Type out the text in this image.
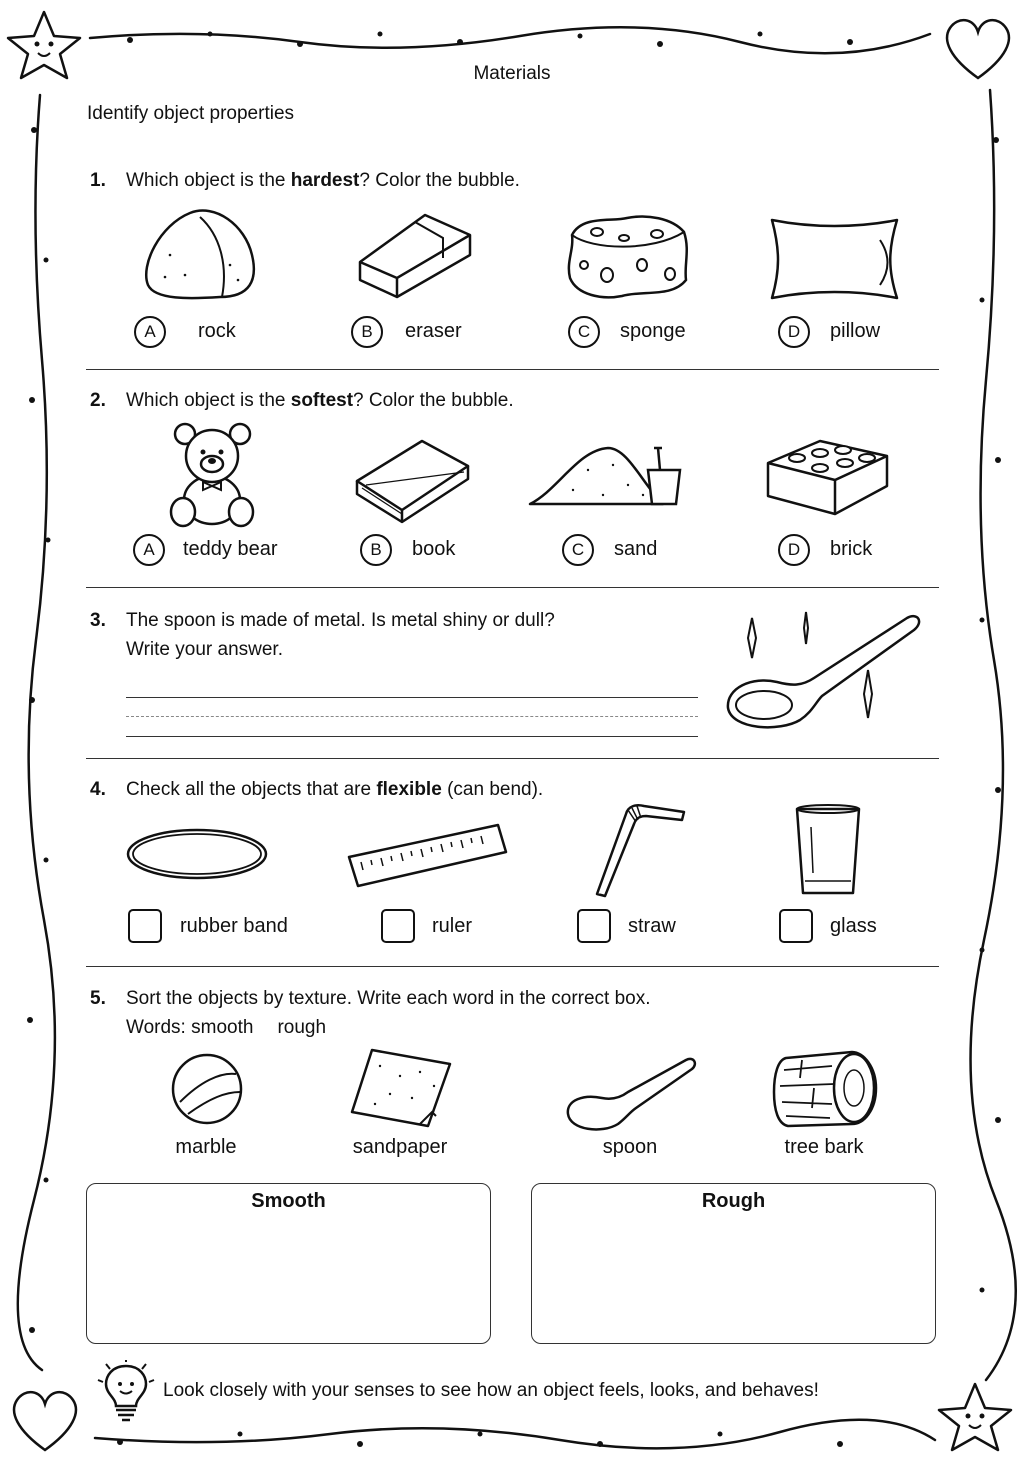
Materials
Identify object properties
1. Which object is the hardest? Color the bubble.
A	rock	B	eraser	C	sponge	D	pillow
2. Which object is the softest? Color the bubble.
A	teddy bear	B	book	C	sand	D	brick
3. The spoon is made of metal. Is metal shiny or dull?
Write your answer.
4. Check all the objects that are flexible (can bend).
rubber band	ruler	straw	glass
5. Sort the objects by texture. Write each word in the correct box.
Words: smooth rough
marble	sandpaper	spoon	tree bark
Smooth	Rough
Look closely with your senses to see how an object feels, looks, and behaves!
